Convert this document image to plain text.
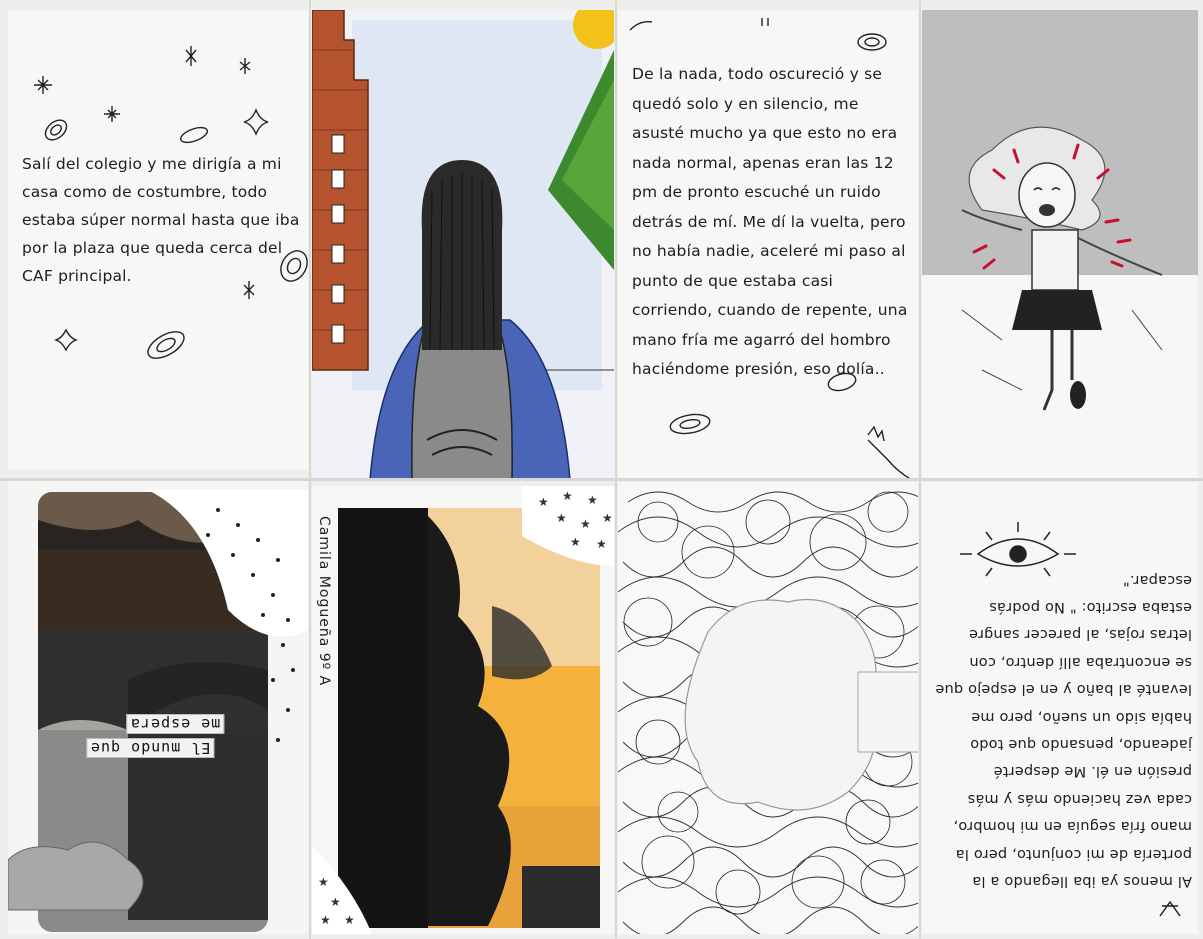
Salí del colegio y me dirigía a mi casa como de costumbre, todo estaba súper normal hasta que iba por la plaza que queda cerca del CAF principal.
De la nada, todo oscureció y se quedó solo y en silencio, me asusté mucho ya que esto no era nada normal, apenas eran las 12 pm de pronto escuché un ruido detrás de mí. Me dí la vuelta, pero no había nadie, aceleré mi paso al punto de que estaba casi corriendo, cuando de repente, una mano fría me agarró del hombro haciéndome presión, eso dolía..
El mundo que
me espera
★ ★ ★
★ ★ ★
★ ★
★
★
★ ★
Camila Mogueña 9º A
Al menos ya iba llegando a la portería de mi conjunto, pero la mano fría seguía en mi hombro, cada vez haciendo más y más presión en él. Me desperté jadeando, pensando que todo había sido un sueño, pero me levanté al baño y en el espejo que se encontraba allí dentro, con letras rojas, al parecer sangre estaba escrito: " No podrás escapar."
